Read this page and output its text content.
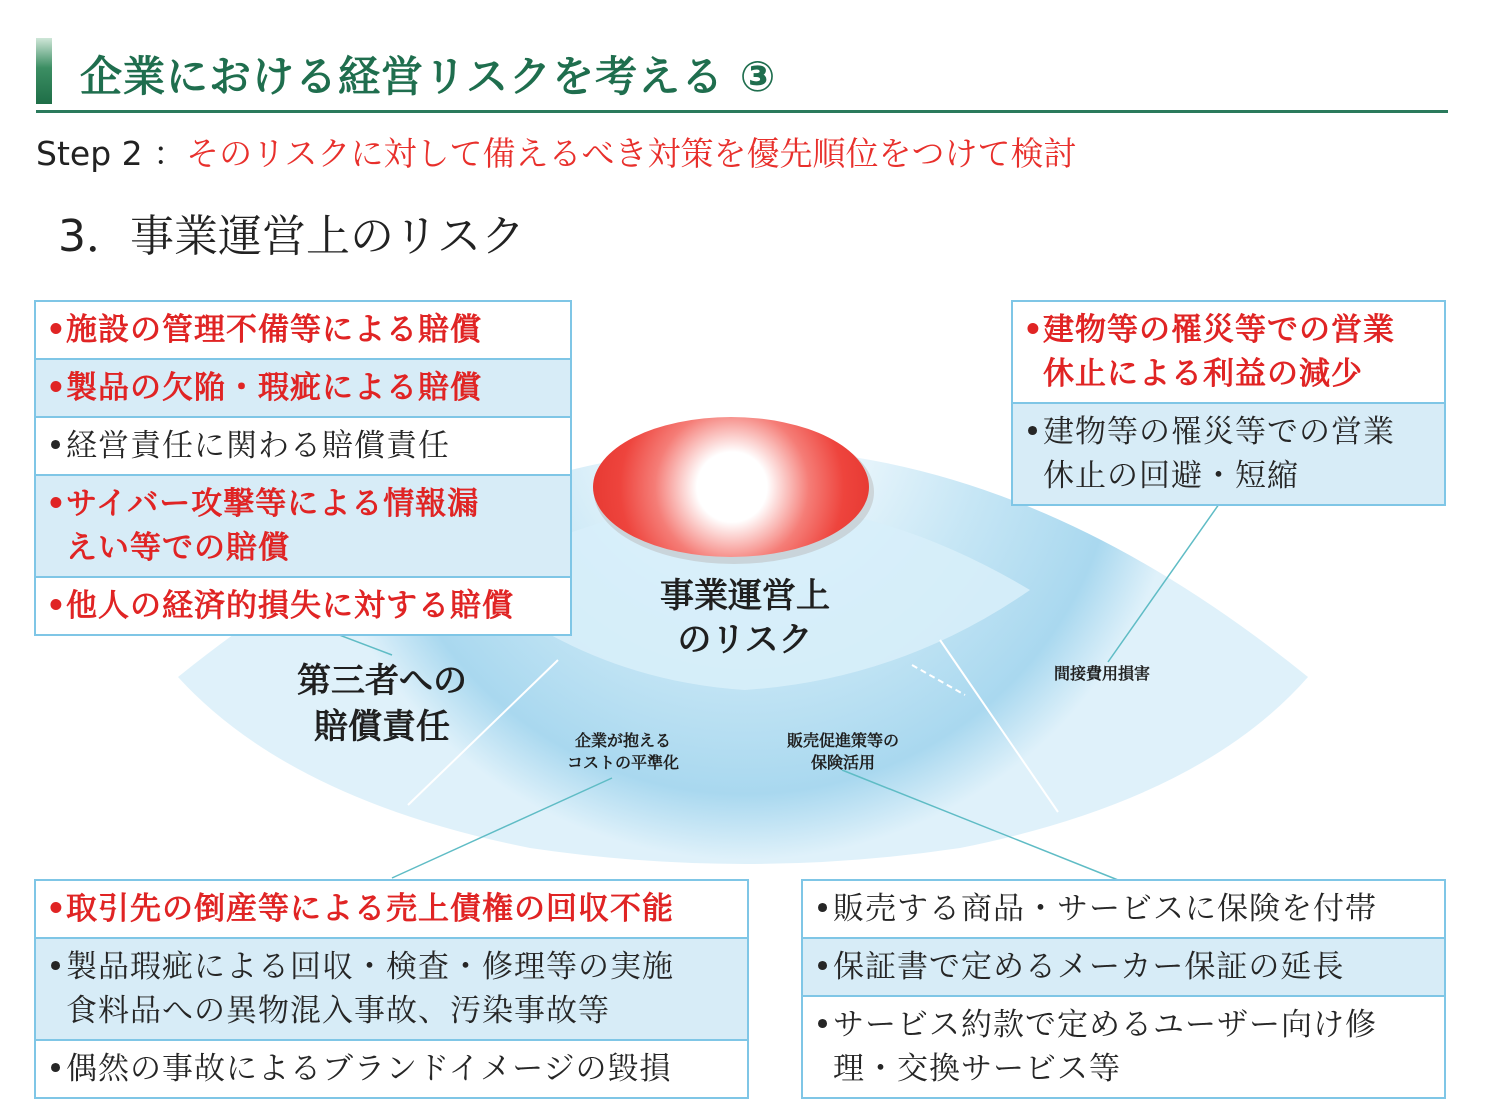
企業における経営リスクを考える ③
Step 2 ：そのリスクに対して備えるべき対策を優先順位をつけて検討
3．事業運営上のリスク
事業運営上
のリスク
第三者への
賠償責任	企業が抱える
コストの平準化
販売促進策等の
保険活用
間接費用損害
• 施設の管理不備等による賠償
• 製品の欠陥・瑕疵による賠償
• 経営責任に関わる賠償責任
• サイバー攻撃等による情報漏
えい等での賠償
• 他人の経済的損失に対する賠償
• 建物等の罹災等での営業
休止による利益の減少
• 建物等の罹災等での営業
休止の回避・短縮
• 取引先の倒産等による売上債権の回収不能
• 製品瑕疵による回収・検査・修理等の実施
食料品への異物混入事故、汚染事故等
• 偶然の事故によるブランドイメージの毀損
• 販売する商品・サービスに保険を付帯
• 保証書で定めるメーカー保証の延長
• サービス約款で定めるユーザー向け修
理・交換サービス等
